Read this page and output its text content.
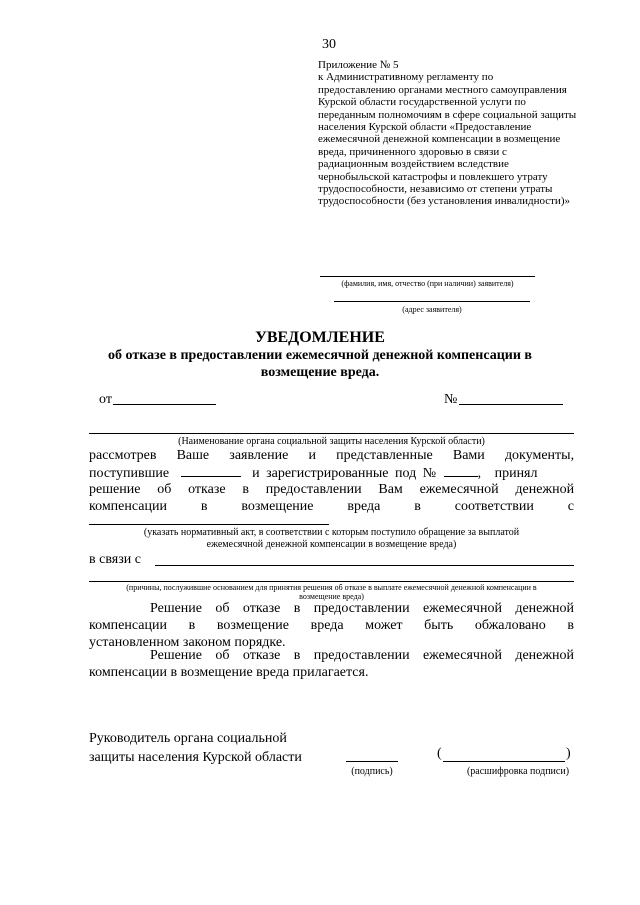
30
Приложение № 5
к Административному регламенту по
предоставлению органами местного самоуправления
Курской области государственной услуги по
переданным полномочиям в сфере социальной защиты
населения Курской области «Предоставление
ежемесячной денежной компенсации в возмещение
вреда, причиненного здоровью в связи с
радиационным воздействием вследствие
чернобыльской катастрофы и повлекшего утрату
трудоспособности, независимо от степени утраты
трудоспособности (без установления инвалидности)»
(фамилия, имя, отчество (при наличии) заявителя)
(адрес заявителя)
УВЕДОМЛЕНИЕ
об отказе в предоставлении ежемесячной денежной компенсации в
возмещение вреда.
от	№
(Наименование органа социальной защиты населения Курской области)
рассмотрев Ваше заявление и представленные Вами документы,
поступившие	и зарегистрированные под №	, принял
решение об отказе в предоставлении Вам ежемесячной денежной
компенсации в возмещение вреда в соответствии с
(указать нормативный акт, в соответствии с которым поступило обращение за выплатой
ежемесячной денежной компенсации в возмещение вреда)
в связи с
(причины, послужившие основанием для принятия решения об отказе в выплате ежемесячной денежной компенсации в
возмещение вреда)
Решение об отказе в предоставлении ежемесячной денежной
компенсации в возмещение вреда может быть обжаловано в
установленном законом порядке.
Решение об отказе в предоставлении ежемесячной денежной
компенсации в возмещение вреда прилагается.
Руководитель органа социальной
защиты населения Курской области
(подпись)
(	)
(расшифровка подписи)
